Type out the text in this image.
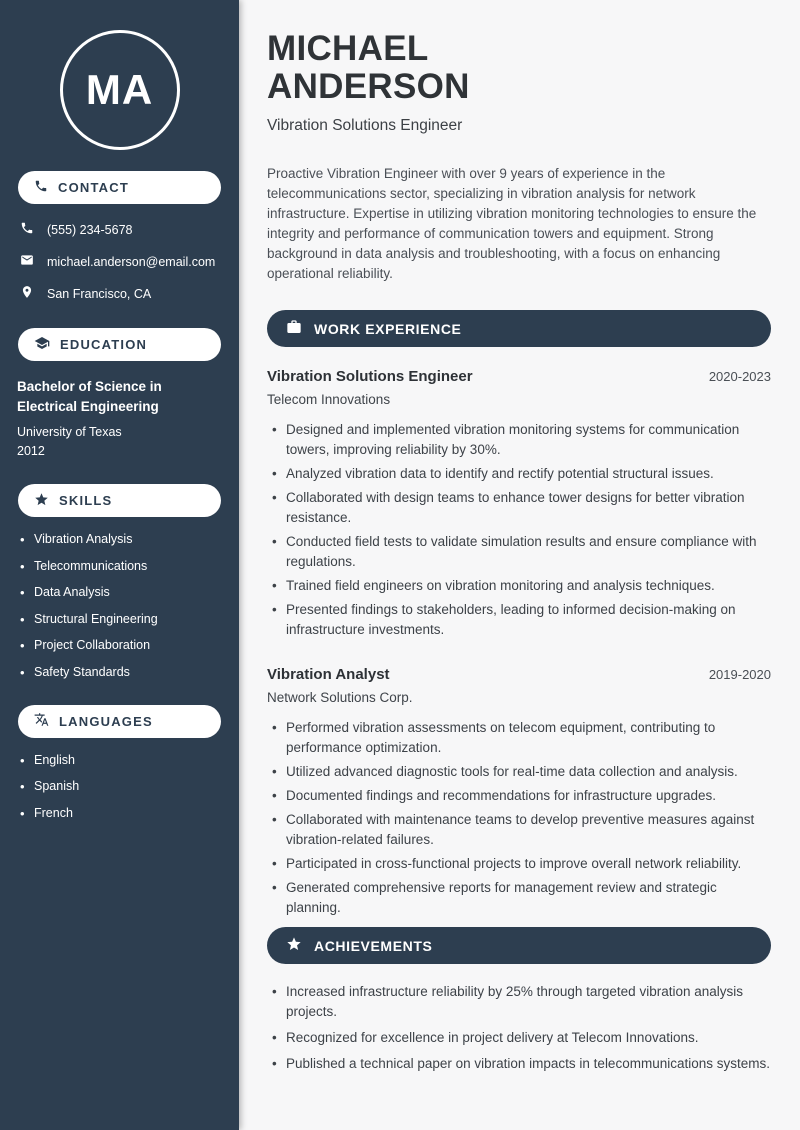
MA
CONTACT
(555) 234-5678
michael.anderson@email.com
San Francisco, CA
EDUCATION
Bachelor of Science in Electrical Engineering
University of Texas
2012
SKILLS
• Vibration Analysis
• Telecommunications
• Data Analysis
• Structural Engineering
• Project Collaboration
• Safety Standards
LANGUAGES
• English
• Spanish
• French
MICHAEL
ANDERSON
Vibration Solutions Engineer

Proactive Vibration Engineer with over 9 years of experience in the telecommunications sector, specializing in vibration analysis for network infrastructure. Expertise in utilizing vibration monitoring technologies to ensure the integrity and performance of communication towers and equipment. Strong background in data analysis and troubleshooting, with a focus on enhancing operational reliability.

WORK EXPERIENCE
Vibration Solutions Engineer	2020-2023
Telecom Innovations
• Designed and implemented vibration monitoring systems for communication towers, improving reliability by 30%.
• Analyzed vibration data to identify and rectify potential structural issues.
• Collaborated with design teams to enhance tower designs for better vibration resistance.
• Conducted field tests to validate simulation results and ensure compliance with regulations.
• Trained field engineers on vibration monitoring and analysis techniques.
• Presented findings to stakeholders, leading to informed decision-making on infrastructure investments.
Vibration Analyst	2019-2020
Network Solutions Corp.
• Performed vibration assessments on telecom equipment, contributing to performance optimization.
• Utilized advanced diagnostic tools for real-time data collection and analysis.
• Documented findings and recommendations for infrastructure upgrades.
• Collaborated with maintenance teams to develop preventive measures against vibration-related failures.
• Participated in cross-functional projects to improve overall network reliability.
• Generated comprehensive reports for management review and strategic planning.
ACHIEVEMENTS
• Increased infrastructure reliability by 25% through targeted vibration analysis projects.
• Recognized for excellence in project delivery at Telecom Innovations.
• Published a technical paper on vibration impacts in telecommunications systems.
